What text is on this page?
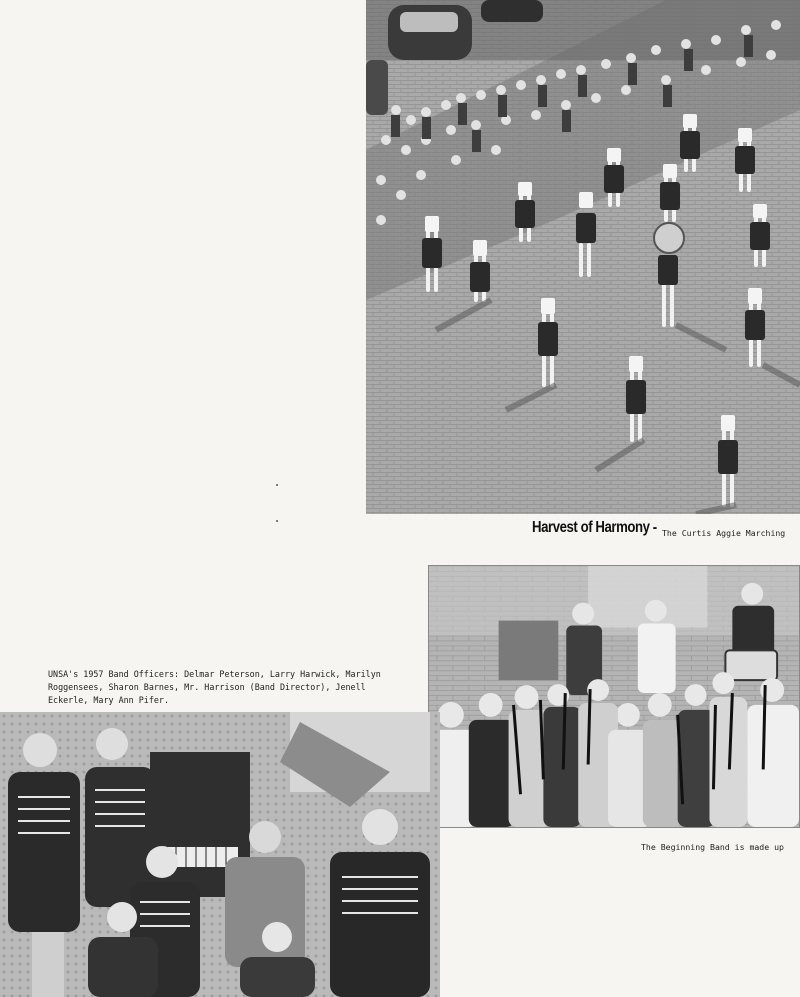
Harvest of Harmony - The Curtis Aggie Marching
The Beginning Band is made up
UNSA's 1957 Band Officers: Delmar Peterson, Larry Harwick, Marilyn Roggensees, Sharon Barnes, Mr. Harrison (Band Director), Jenell Eckerle, Mary Ann Pifer.
